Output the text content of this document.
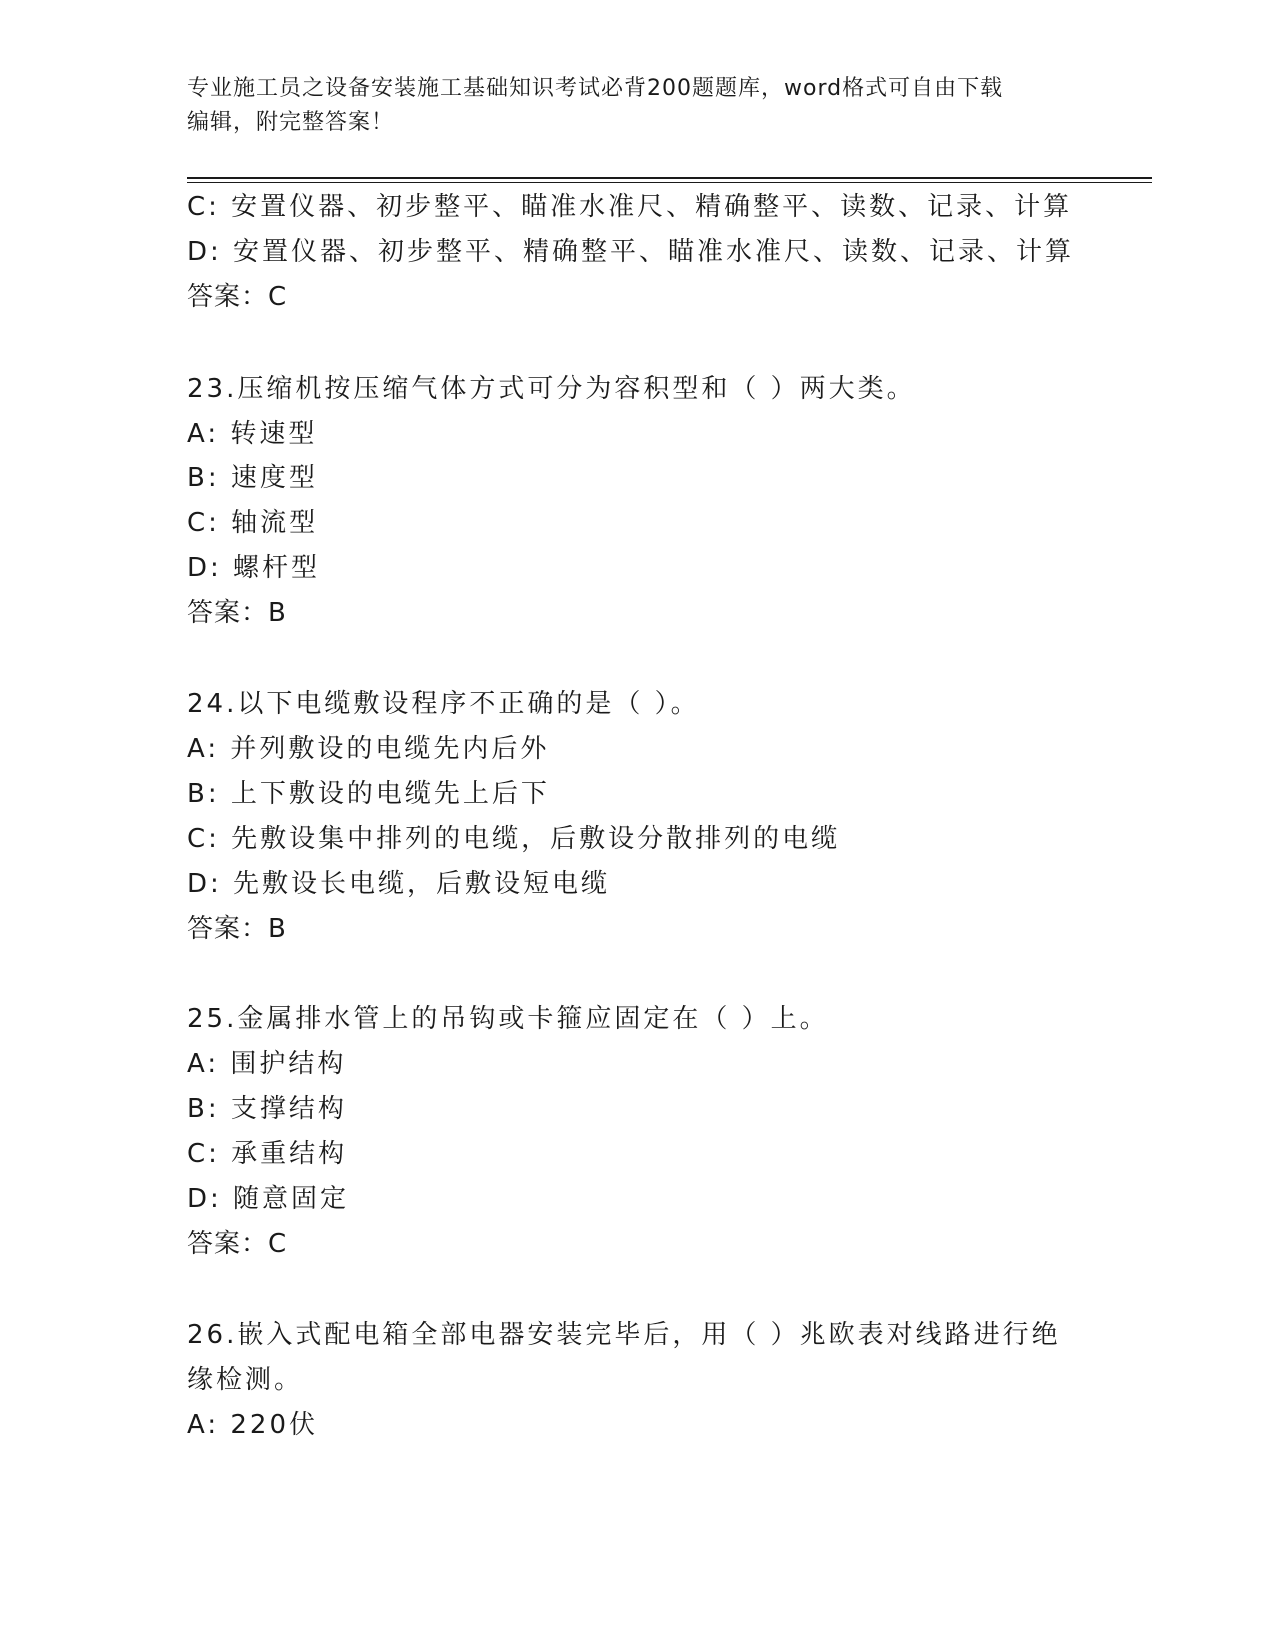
专业施工员之设备安装施工基础知识考试必背200题题库，word格式可自由下载
编辑，附完整答案！
C: 安置仪器、初步整平、瞄准水准尺、精确整平、读数、记录、计算
D: 安置仪器、初步整平、精确整平、瞄准水准尺、读数、记录、计算
答案：C
23.压缩机按压缩气体方式可分为容积型和（ ）两大类。
A: 转速型
B: 速度型
C: 轴流型
D: 螺杆型
答案：B
24.以下电缆敷设程序不正确的是（ ）。
A: 并列敷设的电缆先内后外
B: 上下敷设的电缆先上后下
C: 先敷设集中排列的电缆，后敷设分散排列的电缆
D: 先敷设长电缆，后敷设短电缆
答案：B
25.金属排水管上的吊钩或卡箍应固定在（ ）上。
A: 围护结构
B: 支撑结构
C: 承重结构
D: 随意固定
答案：C
26.嵌入式配电箱全部电器安装完毕后，用（ ）兆欧表对线路进行绝
缘检测。
A: 220伏
